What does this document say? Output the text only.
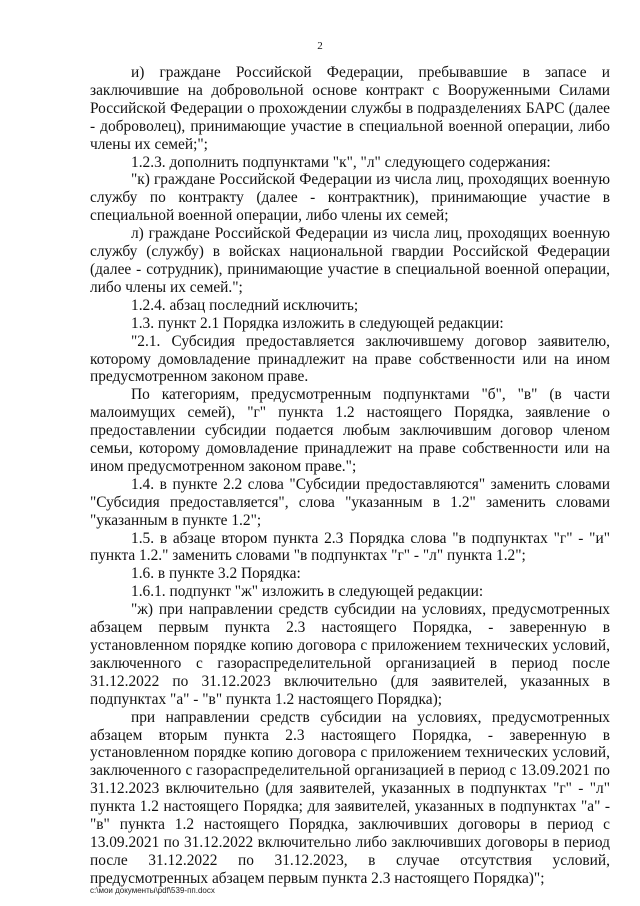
2

и) граждане Российской Федерации, пребывавшие в запасе и заключившие на добровольной основе контракт с Вооруженными Силами Российской Федерации о прохождении службы в подразделениях БАРС (далее - доброволец), принимающие участие в специальной военной операции, либо члены их семей;";

1.2.3. дополнить подпунктами "к", "л" следующего содержания:

"к) граждане Российской Федерации из числа лиц, проходящих военную службу по контракту (далее - контрактник), принимающие участие в специальной военной операции, либо члены их семей;

л) граждане Российской Федерации из числа лиц, проходящих военную службу (службу) в войсках национальной гвардии Российской Федерации (далее - сотрудник), принимающие участие в специальной военной операции, либо члены их семей.";

1.2.4. абзац последний исключить;

1.3. пункт 2.1 Порядка изложить в следующей редакции:

"2.1. Субсидия предоставляется заключившему договор заявителю, которому домовладение принадлежит на праве собственности или на ином предусмотренном законом праве.

По категориям, предусмотренным подпунктами "б", "в" (в части малоимущих семей), "г" пункта 1.2 настоящего Порядка, заявление о предоставлении субсидии подается любым заключившим договор членом семьи, которому домовладение принадлежит на праве собственности или на ином предусмотренном законом праве.";

1.4. в пункте 2.2 слова "Субсидии предоставляются" заменить словами "Субсидия предоставляется", слова "указанным в 1.2" заменить словами "указанным в пункте 1.2";

1.5. в абзаце втором пункта 2.3 Порядка слова "в подпунктах "г" - "и" пункта 1.2." заменить словами "в подпунктах "г" - "л" пункта 1.2";

1.6. в пункте 3.2 Порядка:

1.6.1. подпункт "ж" изложить в следующей редакции:

"ж) при направлении средств субсидии на условиях, предусмотренных абзацем первым пункта 2.3 настоящего Порядка, - заверенную в установленном порядке копию договора с приложением технических условий, заключенного с газораспределительной организацией в период после 31.12.2022 по 31.12.2023 включительно (для заявителей, указанных в подпунктах "а" - "в" пункта 1.2 настоящего Порядка);

при направлении средств субсидии на условиях, предусмотренных абзацем вторым пункта 2.3 настоящего Порядка, - заверенную в установленном порядке копию договора с приложением технических условий, заключенного с газораспределительной организацией в период с 13.09.2021 по 31.12.2023 включительно (для заявителей, указанных в подпунктах "г" - "л" пункта 1.2 настоящего Порядка; для заявителей, указанных в подпунктах "а" - "в" пункта 1.2 настоящего Порядка, заключивших договоры в период с 13.09.2021 по 31.12.2022 включительно либо заключивших договоры в период после 31.12.2022 по 31.12.2023, в случае отсутствия условий, предусмотренных абзацем первым пункта 2.3 настоящего Порядка)";

c:\мои документы\pdf\539-пп.docx
